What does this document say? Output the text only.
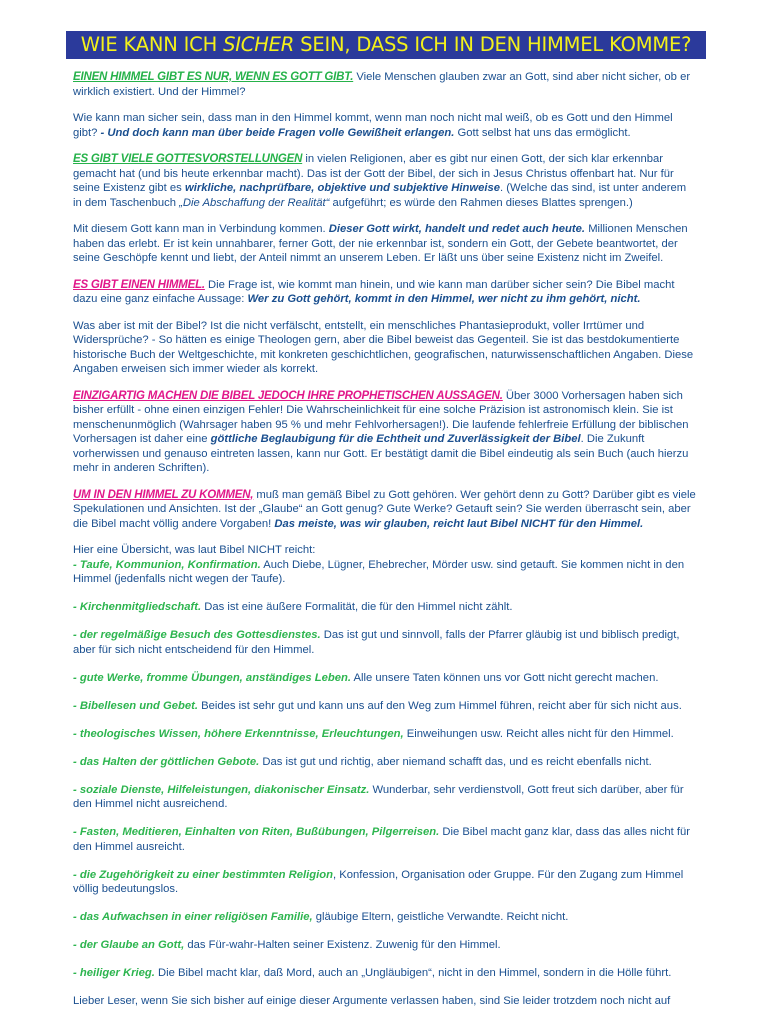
WIE KANN ICH SICHER SEIN, DASS ICH IN DEN HIMMEL KOMME?

EINEN HIMMEL GIBT ES NUR, WENN ES GOTT GIBT. Viele Menschen glauben zwar an Gott, sind aber nicht sicher, ob er wirklich existiert. Und der Himmel?

Wie kann man sicher sein, dass man in den Himmel kommt, wenn man noch nicht mal weiß, ob es Gott und den Himmel gibt? - Und doch kann man über beide Fragen volle Gewißheit erlangen. Gott selbst hat uns das ermöglicht.

ES GIBT VIELE GOTTESVORSTELLUNGEN in vielen Religionen, aber es gibt nur einen Gott, der sich klar erkennbar gemacht hat (und bis heute erkennbar macht). Das ist der Gott der Bibel, der sich in Jesus Christus offenbart hat. Nur für seine Existenz gibt es wirkliche, nachprüfbare, objektive und subjektive Hinweise. (Welche das sind, ist unter anderem in dem Taschenbuch „Die Abschaffung der Realität“ aufgeführt; es würde den Rahmen dieses Blattes sprengen.)

Mit diesem Gott kann man in Verbindung kommen. Dieser Gott wirkt, handelt und redet auch heute. Millionen Menschen haben das erlebt. Er ist kein unnahbarer, ferner Gott, der nie erkennbar ist, sondern ein Gott, der Gebete beantwortet, der seine Geschöpfe kennt und liebt, der Anteil nimmt an unserem Leben. Er läßt uns über seine Existenz nicht im Zweifel.

ES GIBT EINEN HIMMEL. Die Frage ist, wie kommt man hinein, und wie kann man darüber sicher sein? Die Bibel macht dazu eine ganz einfache Aussage: Wer zu Gott gehört, kommt in den Himmel, wer nicht zu ihm gehört, nicht.

Was aber ist mit der Bibel? Ist die nicht verfälscht, entstellt, ein menschliches Phantasieprodukt, voller Irrtümer und Widersprüche? - So hätten es einige Theologen gern, aber die Bibel beweist das Gegenteil. Sie ist das bestdokumentierte historische Buch der Weltgeschichte, mit konkreten geschichtlichen, geografischen, naturwissenschaftlichen Angaben. Diese Angaben erweisen sich immer wieder als korrekt.

EINZIGARTIG MACHEN DIE BIBEL JEDOCH IHRE PROPHETISCHEN AUSSAGEN. Über 3000 Vorhersagen haben sich bisher erfüllt - ohne einen einzigen Fehler! Die Wahrscheinlichkeit für eine solche Präzision ist astronomisch klein. Sie ist menschenunmöglich (Wahrsager haben 95 % und mehr Fehlvorhersagen!). Die laufende fehlerfreie Erfüllung der biblischen Vorhersagen ist daher eine göttliche Beglaubigung für die Echtheit und Zuverlässigkeit der Bibel. Die Zukunft vorherwissen und genauso eintreten lassen, kann nur Gott. Er bestätigt damit die Bibel eindeutig als sein Buch (auch hierzu mehr in anderen Schriften).

UM IN DEN HIMMEL ZU KOMMEN, muß man gemäß Bibel zu Gott gehören. Wer gehört denn zu Gott? Darüber gibt es viele Spekulationen und Ansichten. Ist der „Glaube“ an Gott genug? Gute Werke? Getauft sein? Sie werden überrascht sein, aber die Bibel macht völlig andere Vorgaben! Das meiste, was wir glauben, reicht laut Bibel NICHT für den Himmel.

Hier eine Übersicht, was laut Bibel NICHT reicht:
- Taufe, Kommunion, Konfirmation. Auch Diebe, Lügner, Ehebrecher, Mörder usw. sind getauft. Sie kommen nicht in den Himmel (jedenfalls nicht wegen der Taufe).
- Kirchenmitgliedschaft. Das ist eine äußere Formalität, die für den Himmel nicht zählt.
- der regelmäßige Besuch des Gottesdienstes. Das ist gut und sinnvoll, falls der Pfarrer gläubig ist und biblisch predigt, aber für sich nicht entscheidend für den Himmel.
- gute Werke, fromme Übungen, anständiges Leben. Alle unsere Taten können uns vor Gott nicht gerecht machen.
- Bibellesen und Gebet. Beides ist sehr gut und kann uns auf den Weg zum Himmel führen, reicht aber für sich nicht aus.
- theologisches Wissen, höhere Erkenntnisse, Erleuchtungen, Einweihungen usw. Reicht alles nicht für den Himmel.
- das Halten der göttlichen Gebote. Das ist gut und richtig, aber niemand schafft das, und es reicht ebenfalls nicht.
- soziale Dienste, Hilfeleistungen, diakonischer Einsatz. Wunderbar, sehr verdienstvoll, Gott freut sich darüber, aber für den Himmel nicht ausreichend.
- Fasten, Meditieren, Einhalten von Riten, Bußübungen, Pilgerreisen. Die Bibel macht ganz klar, dass das alles nicht für den Himmel ausreicht.
- die Zugehörigkeit zu einer bestimmten Religion, Konfession, Organisation oder Gruppe. Für den Zugang zum Himmel völlig bedeutungslos.
- das Aufwachsen in einer religiösen Familie, gläubige Eltern, geistliche Verwandte. Reicht nicht.
- der Glaube an Gott, das Für-wahr-Halten seiner Existenz. Zuwenig für den Himmel.
- heiliger Krieg. Die Bibel macht klar, daß Mord, auch an „Ungläubigen“, nicht in den Himmel, sondern in die Hölle führt.

Lieber Leser, wenn Sie sich bisher auf einige dieser Argumente verlassen haben, sind Sie leider trotzdem noch nicht auf
